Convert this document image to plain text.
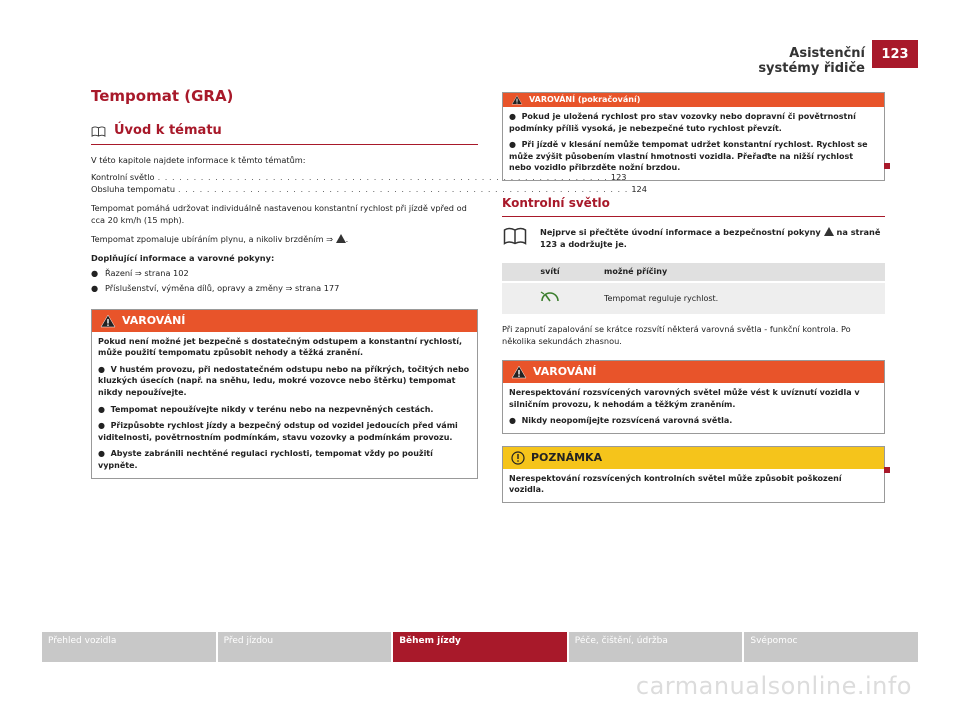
Asistenční systémy řidiče
123
Tempomat (GRA)
Úvod k tématu

V této kapitole najdete informace k těmto tématům:

Kontrolní světlo . . . . . . . . . . . . . . . . . . . . . . . . . . . . . . . . . . . . . . . . . . . . . . . . . . . . . . . . . . . . . . . 123
Obsluha tempomatu . . . . . . . . . . . . . . . . . . . . . . . . . . . . . . . . . . . . . . . . . . . . . . . . . . . . . . . . . . . . . . . 124

Tempomat pomáhá udržovat individuálně nastavenou konstantní rychlost při jízdě vpřed od cca 20 km/h (15 mph).

Tempomat zpomaluje ubíráním plynu, a nikoliv brzděním ⇒ .

Doplňující informace a varovné pokyny:

● Řazení ⇒ strana 102
● Příslušenství, výměna dílů, opravy a změny ⇒ strana 177
VAROVÁNÍ

Pokud není možné jet bezpečně s dostatečným odstupem a konstantní rychlostí, může použití tempomatu způsobit nehody a těžká zranění.

●  V hustém provozu, při nedostatečném odstupu nebo na příkrých, točitých nebo kluzkých úsecích (např. na sněhu, ledu, mokré vozovce nebo štěrku) tempomat nikdy nepoužívejte.

●  Tempomat nepoužívejte nikdy v terénu nebo na nezpevněných cestách.

●  Přizpůsobte rychlost jízdy a bezpečný odstup od vozidel jedoucích před vámi viditelnosti, povětrnostním podmínkám, stavu vozovky a podmínkám provozu.

●  Abyste zabránili nechtěné regulaci rychlosti, tempomat vždy po použití vypněte.

VAROVÁNÍ (pokračování)

●  Pokud je uložená rychlost pro stav vozovky nebo dopravní či povětrnostní podmínky příliš vysoká, je nebezpečné tuto rychlost převzít.

●  Při jízdě v klesání nemůže tempomat udržet konstantní rychlost. Rychlost se může zvýšit působením vlastní hmotnosti vozidla. Přeřaďte na nižší rychlost nebo vozidlo přibrzděte nožní brzdou.

Kontrolní světlo

Nejprve si přečtěte úvodní informace a bezpečnostní pokyny na straně 123 a dodržujte je.

svítí	možné příčiny
	Tempomat reguluje rychlost.

Při zapnutí zapalování se krátce rozsvítí některá varovná světla - funkční kontrola. Po několika sekundách zhasnou.

VAROVÁNÍ

Nerespektování rozsvícených varovných světel může vést k uvíznutí vozidla v silničním provozu, k nehodám a těžkým zraněním.

●  Nikdy neopomíjejte rozsvícená varovná světla.

POZNÁMKA

Nerespektování rozsvícených kontrolních světel může způsobit poškození vozidla.

Přehled vozidla	Před jízdou	Během jízdy	Péče, čištění, údržba	Svépomoc
carmanualsonline.info
